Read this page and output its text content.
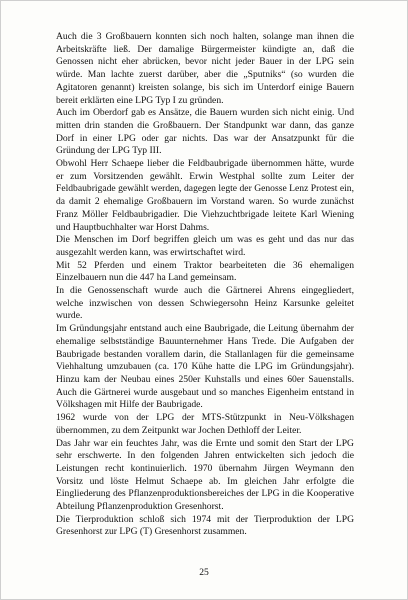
Auch die 3 Großbauern konnten sich noch halten, solange man ihnen die Arbeitskräfte ließ. Der damalige Bürgermeister kündigte an, daß die Genossen nicht eher abrücken, bevor nicht jeder Bauer in der LPG sein würde. Man lachte zuerst darüber, aber die „Sputniks“ (so wurden die Agitatoren genannt) kreisten solange, bis sich im Unterdorf einige Bauern bereit erklärten eine LPG Typ I zu gründen.

Auch im Oberdorf gab es Ansätze, die Bauern wurden sich nicht einig. Und mitten drin standen die Großbauern. Der Standpunkt war dann, das ganze Dorf in einer LPG oder gar nichts. Das war der Ansatzpunkt für die Gründung der LPG Typ III.

Obwohl Herr Schaepe lieber die Feldbaubrigade übernommen hätte, wurde er zum Vorsitzenden gewählt. Erwin Westphal sollte zum Leiter der Feldbaubrigade gewählt werden, dagegen legte der Genosse Lenz Protest ein, da damit 2 ehemalige Großbauern im Vorstand waren. So wurde zunächst Franz Möller Feldbaubrigadier. Die Viehzuchtbrigade leitete Karl Wiening und Hauptbuchhalter war Horst Dahms.

Die Menschen im Dorf begriffen gleich um was es geht und das nur das ausgezahlt werden kann, was erwirtschaftet wird.

Mit 52 Pferden und einem Traktor bearbeiteten die 36 ehemaligen Einzelbauern nun die 447 ha Land gemeinsam.

In die Genossenschaft wurde auch die Gärtnerei Ahrens eingegliedert, welche inzwischen von dessen Schwiegersohn Heinz Karsunke geleitet wurde.

Im Gründungsjahr entstand auch eine Baubrigade, die Leitung übernahm der ehemalige selbstständige Bauunternehmer Hans Trede. Die Aufgaben der Baubrigade bestanden vorallem darin, die Stallanlagen für die gemeinsame Viehhaltung umzubauen (ca. 170 Kühe hatte die LPG im Gründungsjahr). Hinzu kam der Neubau eines 250er Kuhstalls und eines 60er Sauenstalls. Auch die Gärtnerei wurde ausgebaut und so manches Eigenheim entstand in Völkshagen mit Hilfe der Baubrigade.

1962 wurde von der LPG der MTS-Stützpunkt in Neu-Völkshagen übernommen, zu dem Zeitpunkt war Jochen Dethloff der Leiter.

Das Jahr war ein feuchtes Jahr, was die Ernte und somit den Start der LPG sehr erschwerte. In den folgenden Jahren entwickelten sich jedoch die Leistungen recht kontinuierlich. 1970 übernahm Jürgen Weymann den Vorsitz und löste Helmut Schaepe ab. Im gleichen Jahr erfolgte die Eingliederung des Pflanzenproduktionsbereiches der LPG in die Kooperative Abteilung Pflanzenproduktion Gresenhorst.

Die Tierproduktion schloß sich 1974 mit der Tierproduktion der LPG Gresenhorst zur LPG (T) Gresenhorst zusammen.

25
